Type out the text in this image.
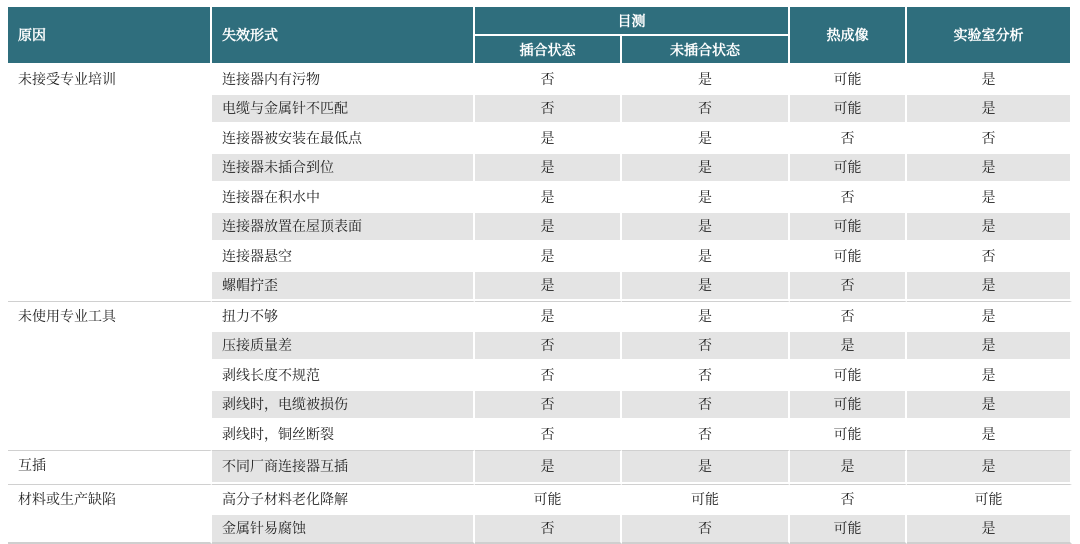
原因	失效形式	目测		热成像	实验室分析
		插合状态	未插合状态		
未接受专业培训	连接器内有污物	否	是	可能	是
	电缆与金属针不匹配	否	否	可能	是
	连接器被安装在最低点	是	是	否	否
	连接器未插合到位	是	是	可能	是
	连接器在积水中	是	是	否	是
	连接器放置在屋顶表面	是	是	可能	是
	连接器悬空	是	是	可能	否
	螺帽拧歪	是	是	否	是
未使用专业工具	扭力不够	是	是	否	是
	压接质量差	否	否	是	是
	剥线长度不规范	否	否	可能	是
	剥线时，电缆被损伤	否	否	可能	是
	剥线时，铜丝断裂	否	否	可能	是
互插	不同厂商连接器互插	是	是	是	是
材料或生产缺陷	高分子材料老化降解	可能	可能	否	可能
	金属针易腐蚀	否	否	可能	是
